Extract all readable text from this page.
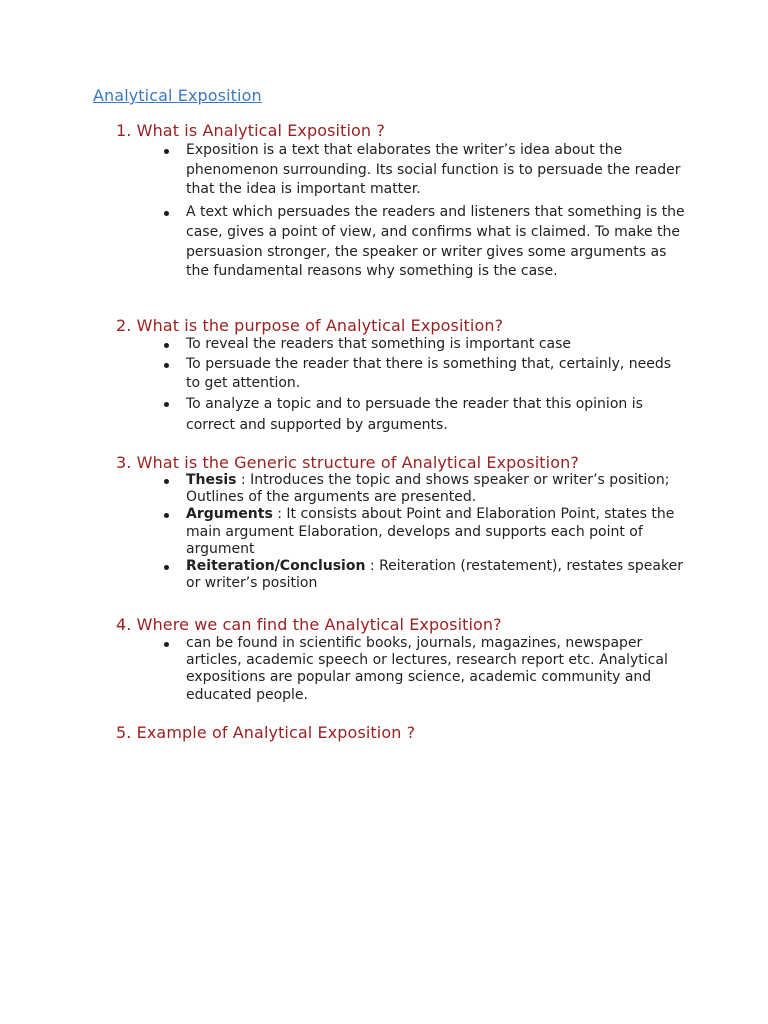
Analytical Exposition

1. What is Analytical Exposition ?

Exposition is a text that elaborates the writer’s idea about the phenomenon surrounding. Its social function is to persuade the reader that the idea is important matter.
A text which persuades the readers and listeners that something is the case, gives a point of view, and confirms what is claimed. To make the persuasion stronger, the speaker or writer gives some arguments as the fundamental reasons why something is the case.

2. What is the purpose of Analytical Exposition?

To reveal the readers that something is important case
To persuade the reader that there is something that, certainly, needs to get attention.
To analyze a topic and to persuade the reader that this opinion is correct and supported by arguments.

3. What is the Generic structure of Analytical Exposition?

Thesis : Introduces the topic and shows speaker or writer’s position; Outlines of the arguments are presented.
Arguments : It consists about Point and Elaboration Point, states the main argument Elaboration, develops and supports each point of argument
Reiteration/Conclusion : Reiteration (restatement), restates speaker or writer’s position

4. Where we can find the Analytical Exposition?

can be found in scientific books, journals, magazines, newspaper articles, academic speech or lectures, research report etc. Analytical expositions are popular among science, academic community and educated people.

5. Example of Analytical Exposition ?
